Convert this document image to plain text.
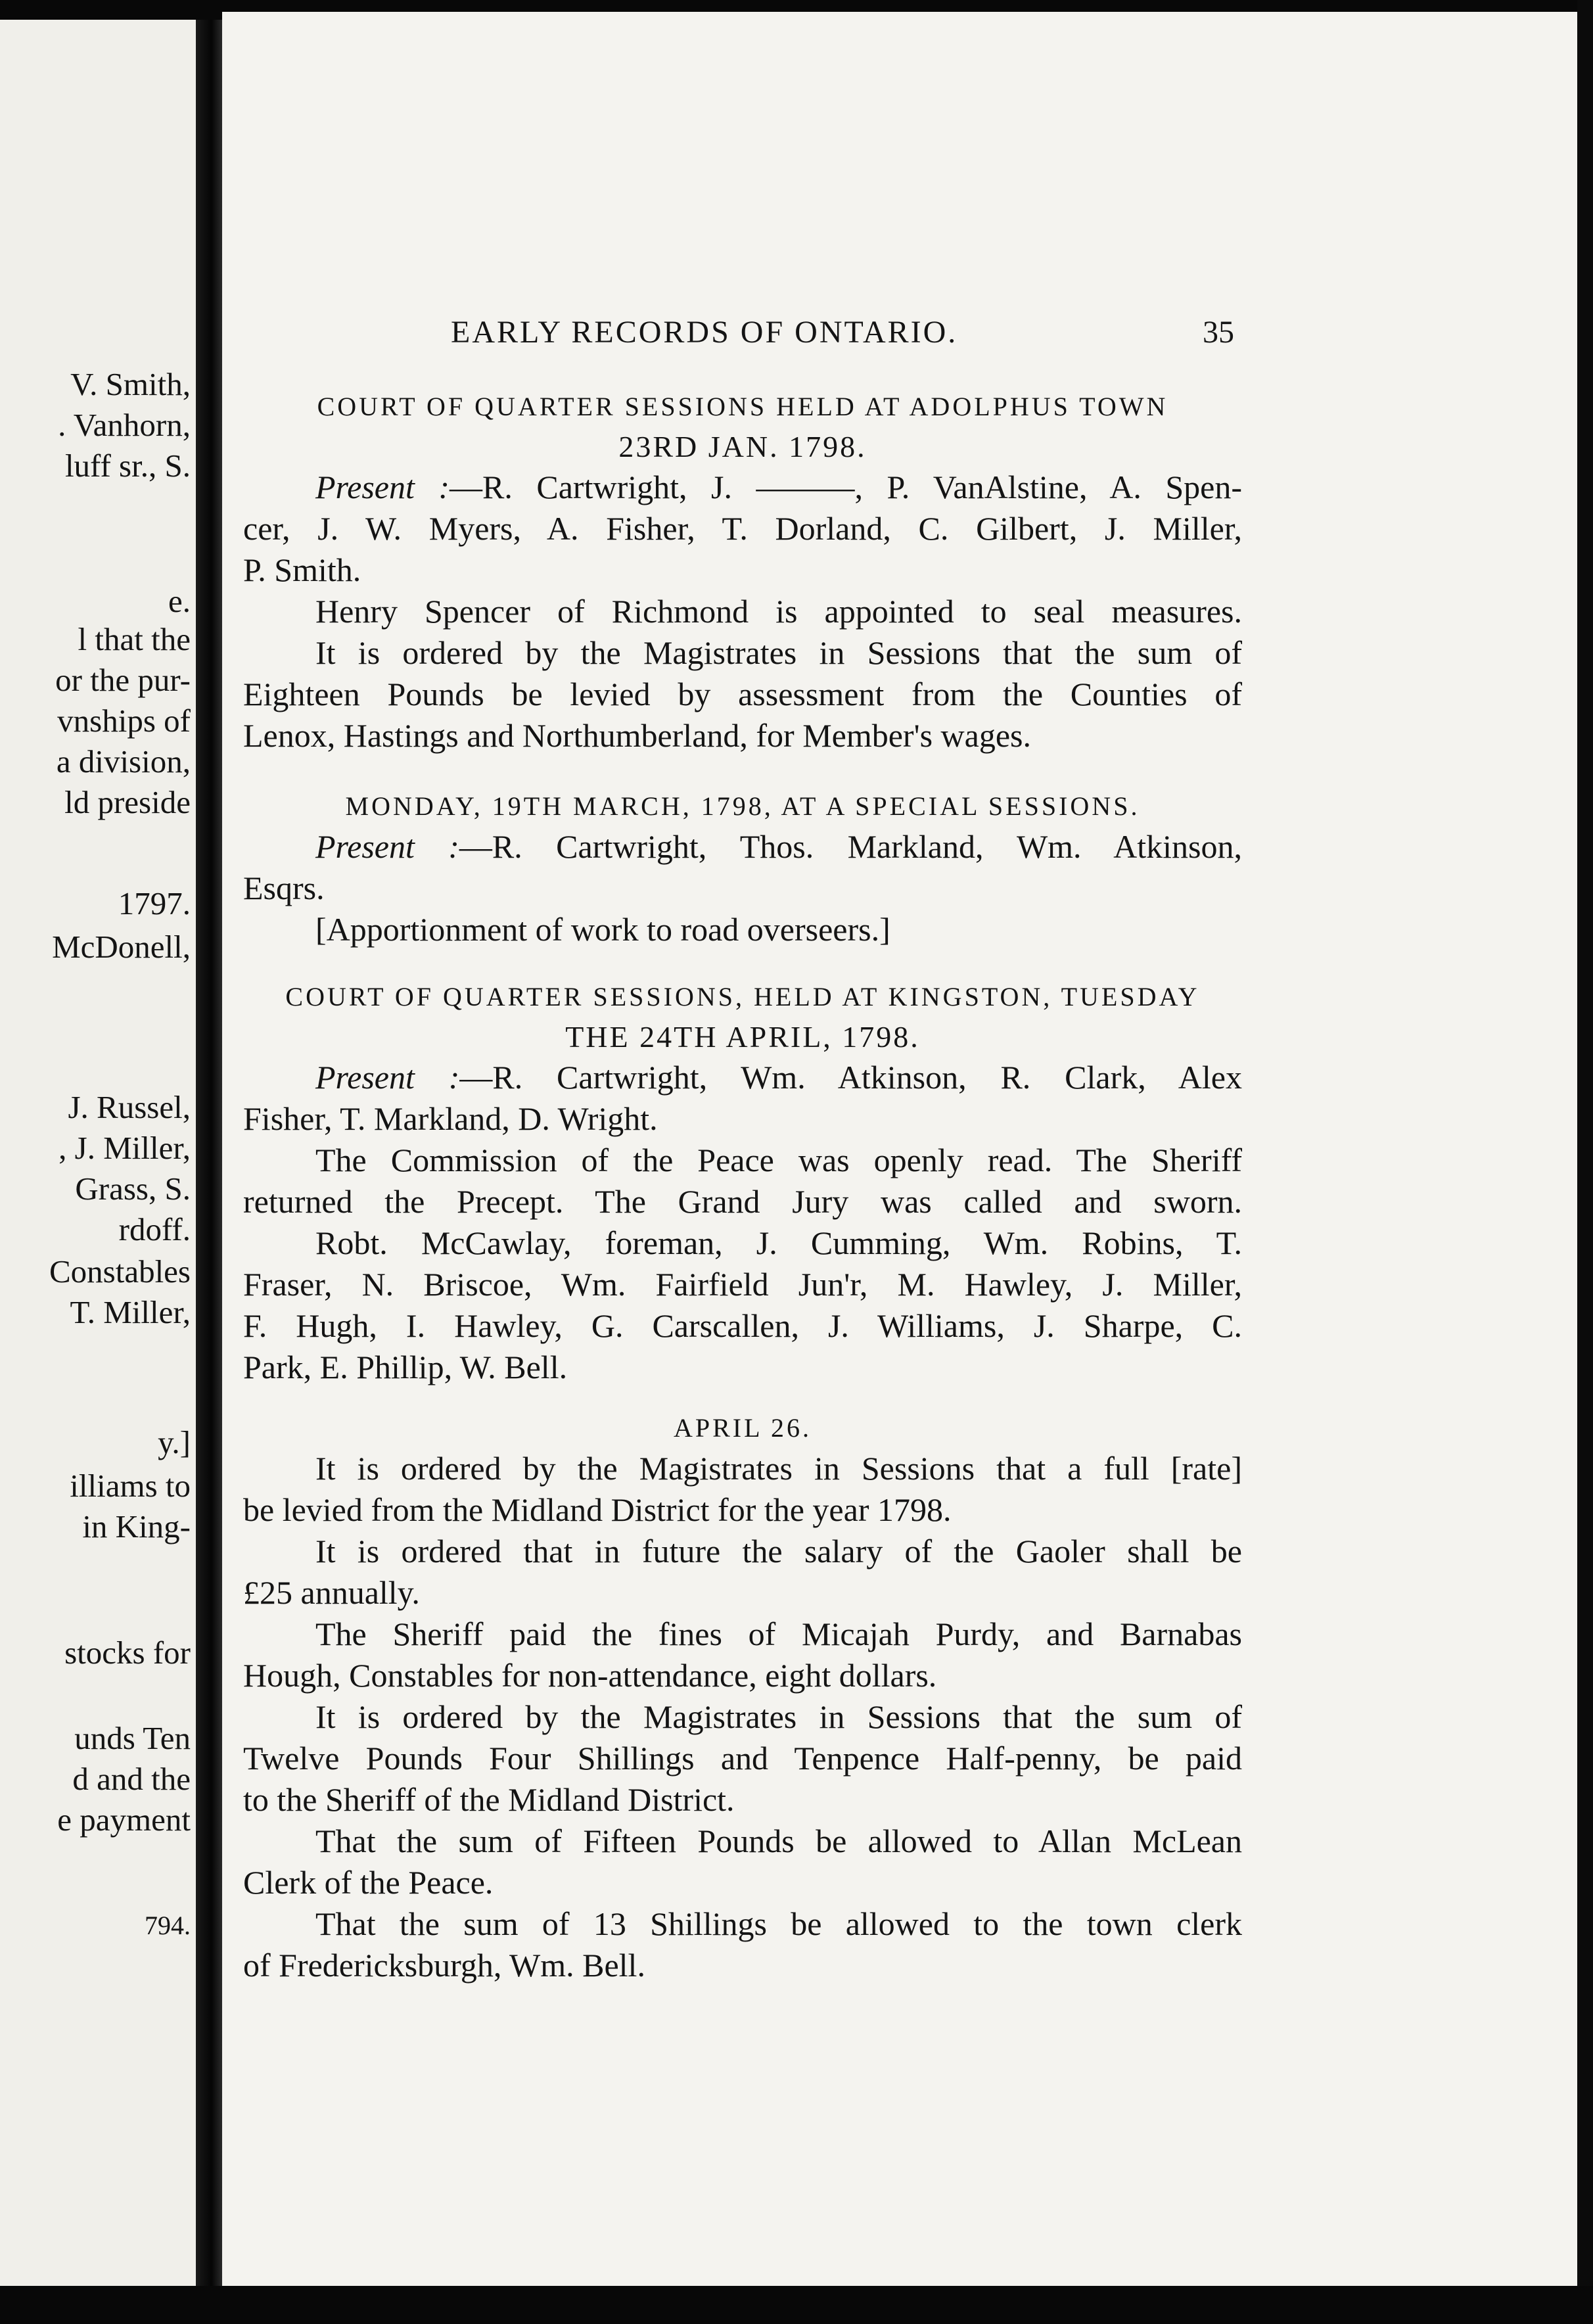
V. Smith,
. Vanhorn,
luff sr., S.
e.
l that the
or the pur-
vnships of
a division,
ld preside
1797.
McDonell,
J. Russel,
, J. Miller,
Grass, S.
rdoff.
Constables
T. Miller,
y.]
illiams to
in King-
stocks for
unds Ten
d and the
e payment
794.
EARLY RECORDS OF ONTARIO.	35
COURT OF QUARTER SESSIONS HELD AT ADOLPHUS TOWN
23RD JAN. 1798.
Present :—R. Cartwright, J. ———, P. VanAlstine, A. Spen-
cer, J. W. Myers, A. Fisher, T. Dorland, C. Gilbert, J. Miller,
P. Smith.
Henry Spencer of Richmond is appointed to seal measures.
It is ordered by the Magistrates in Sessions that the sum of
Eighteen Pounds be levied by assessment from the Counties of
Lenox, Hastings and Northumberland, for Member's wages.
MONDAY, 19TH MARCH, 1798, AT A SPECIAL SESSIONS.
Present :—R. Cartwright, Thos. Markland, Wm. Atkinson,
Esqrs.
[Apportionment of work to road overseers.]
COURT OF QUARTER SESSIONS, HELD AT KINGSTON, TUESDAY
THE 24TH APRIL, 1798.
Present :—R. Cartwright, Wm. Atkinson, R. Clark, Alex
Fisher, T. Markland, D. Wright.
The Commission of the Peace was openly read. The Sheriff
returned the Precept. The Grand Jury was called and sworn.
Robt. McCawlay, foreman, J. Cumming, Wm. Robins, T.
Fraser, N. Briscoe, Wm. Fairfield Jun'r, M. Hawley, J. Miller,
F. Hugh, I. Hawley, G. Carscallen, J. Williams, J. Sharpe, C.
Park, E. Phillip, W. Bell.
APRIL 26.
It is ordered by the Magistrates in Sessions that a full [rate]
be levied from the Midland District for the year 1798.
It is ordered that in future the salary of the Gaoler shall be
£25 annually.
The Sheriff paid the fines of Micajah Purdy, and Barnabas
Hough, Constables for non-attendance, eight dollars.
It is ordered by the Magistrates in Sessions that the sum of
Twelve Pounds Four Shillings and Tenpence Half-penny, be paid
to the Sheriff of the Midland District.
That the sum of Fifteen Pounds be allowed to Allan McLean
Clerk of the Peace.
That the sum of 13 Shillings be allowed to the town clerk
of Fredericksburgh, Wm. Bell.
